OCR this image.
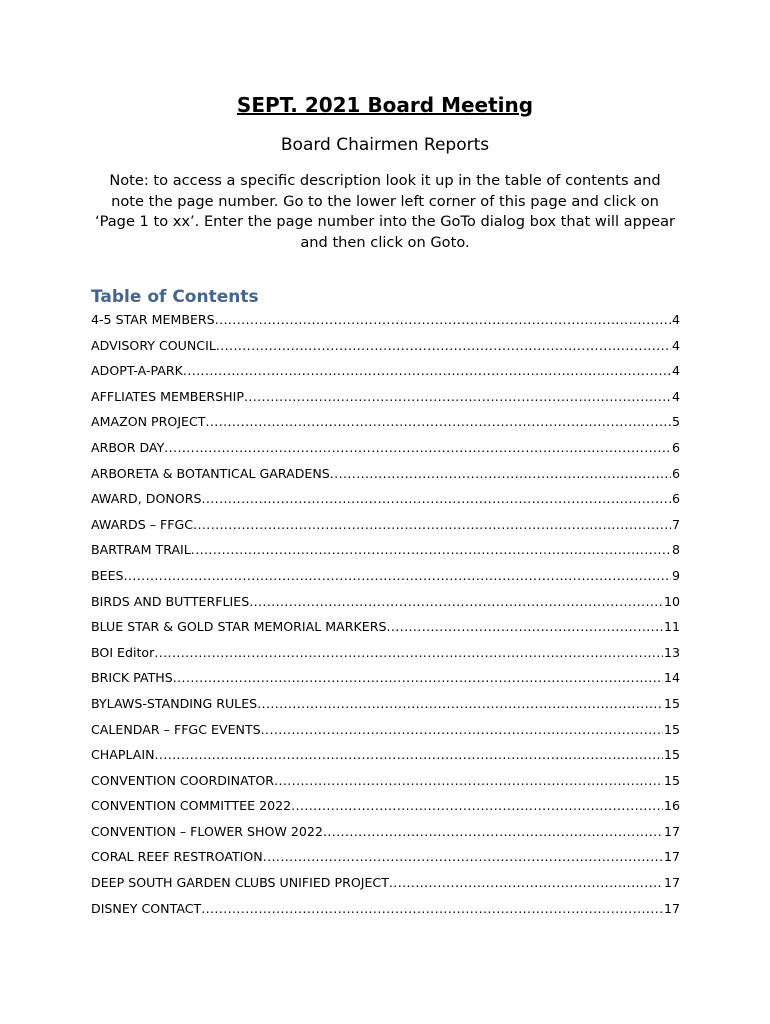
SEPT. 2021 Board Meeting

Board Chairmen Reports

Note: to access a specific description look it up in the table of contents and note the page number. Go to the lower left corner of this page and click on ‘Page 1 to xx’. Enter the page number into the GoTo dialog box that will appear and then click on Goto.

Table of Contents
4-5 STAR MEMBERS .....	4
ADVISORY COUNCIL .....	4
ADOPT-A-PARK .....	4
AFFLIATES MEMBERSHIP .....	4
AMAZON PROJECT .....	5
ARBOR DAY .....	6
ARBORETA & BOTANTICAL GARADENS .....	6
AWARD, DONORS .....	6
AWARDS – FFGC .....	7
BARTRAM TRAIL .....	8
BEES .....	9
BIRDS AND BUTTERFLIES .....	10
BLUE STAR & GOLD STAR MEMORIAL MARKERS .....	11
BOI Editor .....	13
BRICK PATHS .....	14
BYLAWS-STANDING RULES .....	15
CALENDAR – FFGC EVENTS .....	15
CHAPLAIN .....	15
CONVENTION COORDINATOR .....	15
CONVENTION COMMITTEE 2022 .....	16
CONVENTION – FLOWER SHOW 2022 .....	17
CORAL REEF RESTROATION .....	17
DEEP SOUTH GARDEN CLUBS UNIFIED PROJECT .....	17
DISNEY CONTACT .....	17
